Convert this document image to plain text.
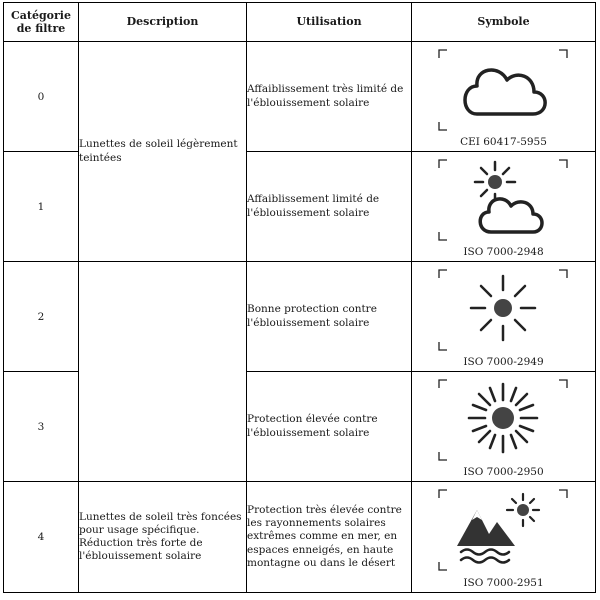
Catégorie de filtre	Description	Utilisation	Symbole
0	Lunettes de soleil légèrement teintées	Affaiblissement très limité de l'éblouissement solaire	CEI 60417-5955

1		Affaiblissement limité de l'éblouissement solaire	ISO 7000-2948

2		Bonne protection contre l'éblouissement solaire	ISO 7000-2949

3		Protection élevée contre l'éblouissement solaire	ISO 7000-2950

4	Lunettes de soleil très foncées pour usage spécifique. Réduction très forte de l'éblouissement solaire	Protection très élevée contre les rayonnements solaires extrêmes comme en mer, en espaces enneigés, en haute montagne ou dans le désert	ISO 7000-2951
